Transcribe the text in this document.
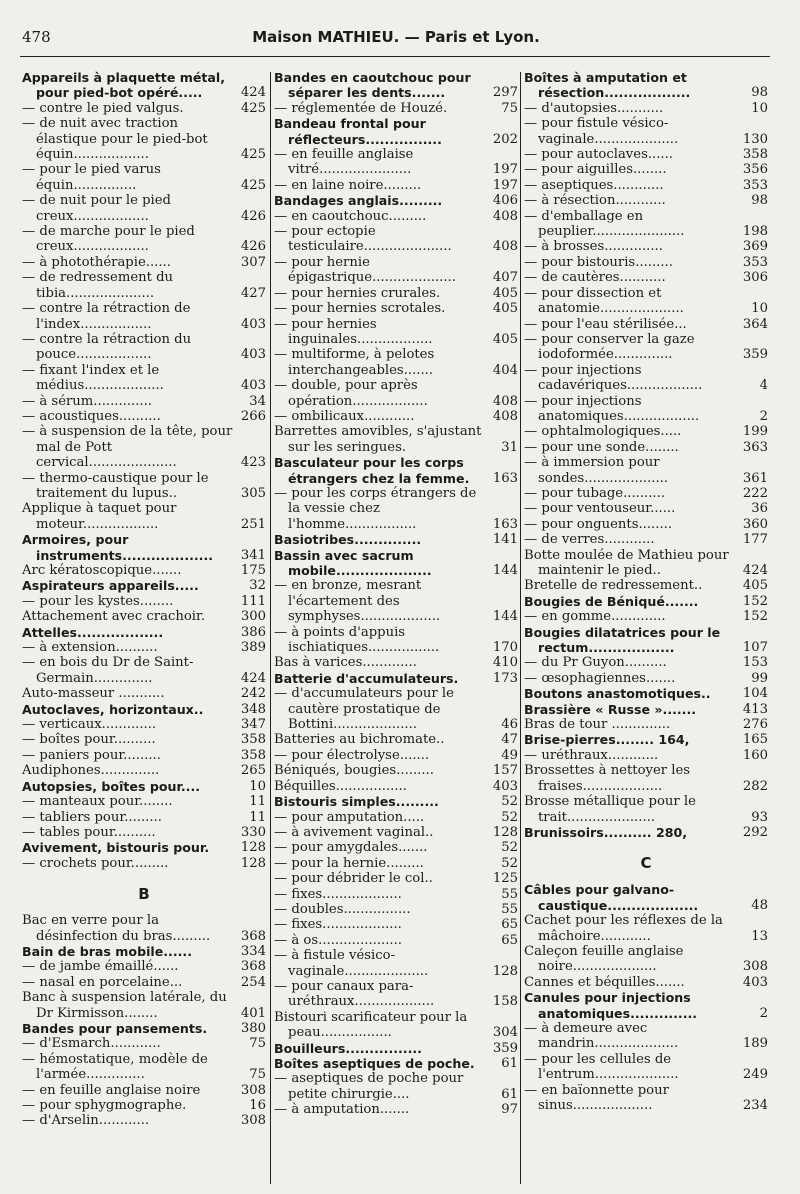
478	Maison MATHIEU. — Paris et Lyon.
Appareils à plaquette métal, pour pied-bot opéré.....	424
— contre le pied valgus.	425
— de nuit avec traction élastique pour le pied-bot équin..................	425
— pour le pied varus équin...............	425
— de nuit pour le pied creux..................	426
— de marche pour le pied creux..................	426
— à photothérapie......	307
— de redressement du tibia.....................	427
— contre la rétraction de l'index.................	403
— contre la rétraction du pouce..................	403
— fixant l'index et le médius...................	403
— à sérum..............	34
— acoustiques..........	266
— à suspension de la tête, pour mal de Pott cervical.....................	423
— thermo-caustique pour le traitement du lupus..	305
Applique à taquet pour moteur..................	251
Armoires, pour instruments...................	341
Arc kératoscopique.......	175
Aspirateurs appareils.....	32
— pour les kystes........	111
Attachement avec crachoir.	300
Attelles..................	386
— à extension..........	389
— en bois du Dr de Saint-Germain..............	424
Auto-masseur ...........	242
Autoclaves, horizontaux..	348
— verticaux.............	347
— boîtes pour..........	358
— paniers pour.........	358
Audiphones..............	265
Autopsies, boîtes pour....	10
— manteaux pour........	11
— tabliers pour.........	11
— tables pour..........	330
Avivement, bistouris pour.	128
— crochets pour.........	128
B
Bac en verre pour la désinfection du bras.........	368
Bain de bras mobile......	334
— de jambe émaillé......	368
— nasal en porcelaine...	254
Banc à suspension latérale, du Dr Kirmisson........	401
Bandes pour pansements.	380
— d'Esmarch............	75
— hémostatique, modèle de l'armée..............	75
— en feuille anglaise noire	308
— pour sphygmographe.	16
— d'Arselin............	308
Bandes en caoutchouc pour séparer les dents.......	297
— réglementée de Houzé.	75
Bandeau frontal pour réflecteurs................	202
— en feuille anglaise vitré......................	197
— en laine noire.........	197
Bandages anglais.........	406
— en caoutchouc.........	408
— pour ectopie testiculaire.....................	408
— pour hernie épigastrique....................	407
— pour hernies crurales.	405
— pour hernies scrotales.	405
— pour hernies inguinales..................	405
— multiforme, à pelotes interchangeables.......	404
— double, pour après opération..................	408
— ombilicaux............	408
Barrettes amovibles, s'ajustant sur les seringues.	31
Basculateur pour les corps étrangers chez la femme.	163
— pour les corps étrangers de la vessie chez l'homme.................	163
Basiotribes..............	141
Bassin avec sacrum mobile....................	144
— en bronze, mesrant l'écartement des symphyses...................	144
— à points d'appuis ischiatiques.................	170
Bas à varices.............	410
Batterie d'accumulateurs.	173
— d'accumulateurs pour le cautère prostatique de Bottini....................	46
Batteries au bichromate..	47
— pour électrolyse.......	49
Béniqués, bougies.........	157
Béquilles.................	403
Bistouris simples.........	52
— pour amputation.....	52
— à avivement vaginal..	128
— pour amygdales.......	52
— pour la hernie.........	52
— pour débrider le col..	125
— fixes...................	55
— doubles................	55
— fixes...................	65
— à os....................	65
— à fistule vésico-vaginale....................	128
— pour canaux para-uréthraux...................	158
Bistouri scarificateur pour la peau.................	304
Bouilleurs................	359
Boîtes aseptiques de poche.	61
— aseptiques de poche pour petite chirurgie....	61
— à amputation.......	97
Boîtes à amputation et résection..................	98
— d'autopsies...........	10
— pour fistule vésico-vaginale....................	130
— pour autoclaves......	358
— pour aiguilles........	356
— aseptiques............	353
— à résection............	98
— d'emballage en peuplier......................	198
— à brosses..............	369
— pour bistouris.........	353
— de cautères...........	306
— pour dissection et anatomie....................	10
— pour l'eau stérilisée...	364
— pour conserver la gaze iodoformée..............	359
— pour injections cadavériques..................	4
— pour injections anatomiques..................	2
— ophtalmologiques.....	199
— pour une sonde........	363
— à immersion pour sondes....................	361
— pour tubage..........	222
— pour ventouseur......	36
— pour onguents........	360
— de verres............	177
Botte moulée de Mathieu pour maintenir le pied..	424
Bretelle de redressement..	405
Bougies de Béniqué.......	152
— en gomme.............	152
Bougies dilatatrices pour le rectum..................	107
— du Pr Guyon..........	153
— œsophagiennes.......	99
Boutons anastomotiques..	104
Brassière « Russe ».......	413
Bras de tour ..............	276
Brise-pierres........ 164,	165
— uréthraux............	160
Brossettes à nettoyer les fraises...................	282
Brosse métallique pour le trait.....................	93
Brunissoirs.......... 280,	292
C
Câbles pour galvano-caustique...................	48
Cachet pour les réflexes de la mâchoire............	13
Caleçon feuille anglaise noire....................	308
Cannes et béquilles.......	403
Canules pour injections anatomiques..............	2
— à demeure avec mandrin....................	189
— pour les cellules de l'entrum....................	249
— en baïonnette pour sinus...................	234
